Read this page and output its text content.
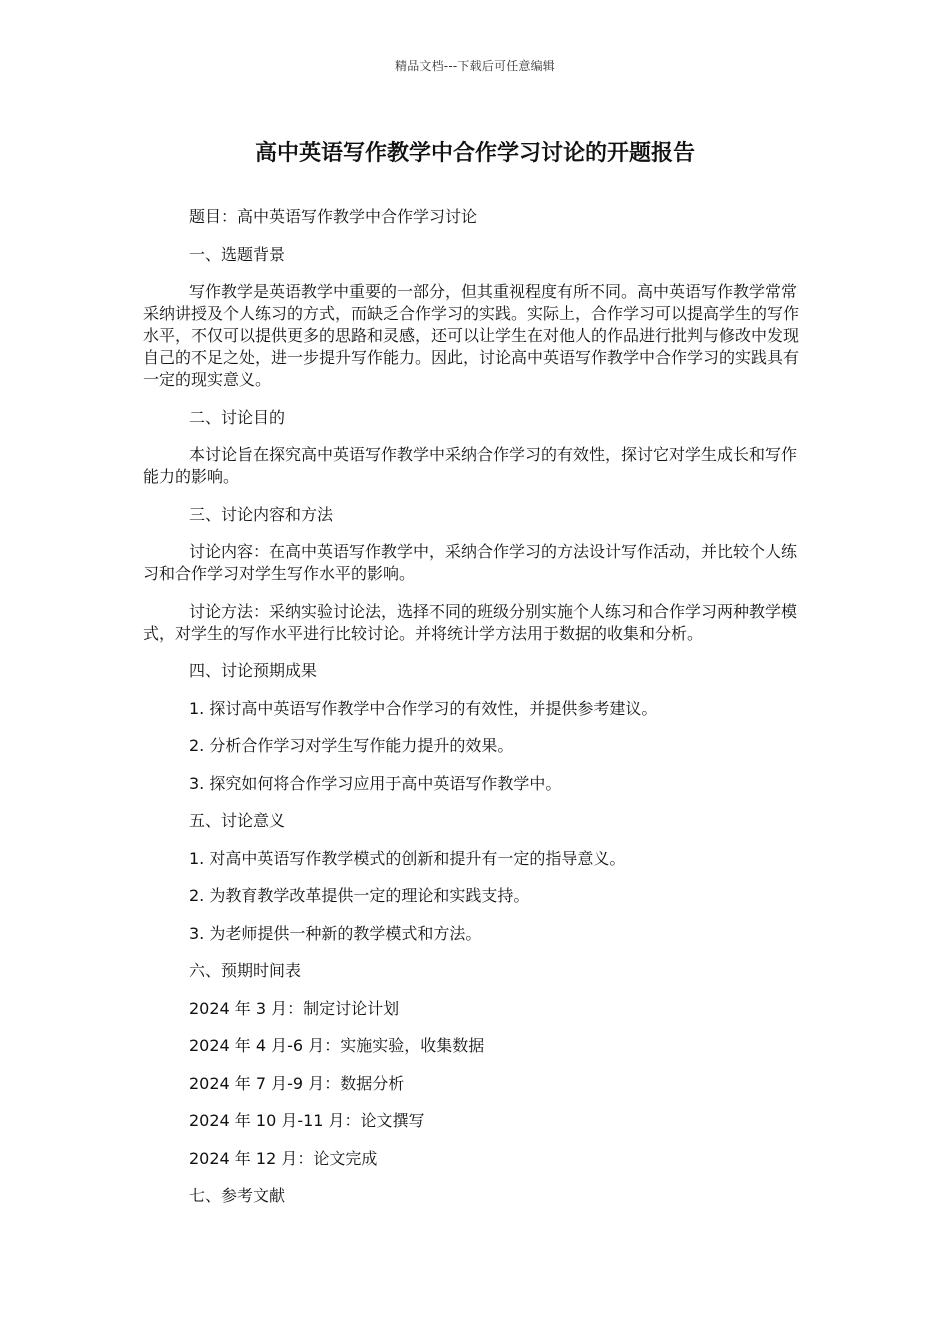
精品文档---下载后可任意编辑
高中英语写作教学中合作学习讨论的开题报告

题目：高中英语写作教学中合作学习讨论

一、选题背景

写作教学是英语教学中重要的一部分，但其重视程度有所不同。高中英语写作教学常常采纳讲授及个人练习的方式，而缺乏合作学习的实践。实际上，合作学习可以提高学生的写作水平，不仅可以提供更多的思路和灵感，还可以让学生在对他人的作品进行批判与修改中发现自己的不足之处，进一步提升写作能力。因此，讨论高中英语写作教学中合作学习的实践具有一定的现实意义。

二、讨论目的

本讨论旨在探究高中英语写作教学中采纳合作学习的有效性，探讨它对学生成长和写作能力的影响。

三、讨论内容和方法

讨论内容：在高中英语写作教学中，采纳合作学习的方法设计写作活动，并比较个人练习和合作学习对学生写作水平的影响。

讨论方法：采纳实验讨论法，选择不同的班级分别实施个人练习和合作学习两种教学模式，对学生的写作水平进行比较讨论。并将统计学方法用于数据的收集和分析。

四、讨论预期成果

1. 探讨高中英语写作教学中合作学习的有效性，并提供参考建议。

2. 分析合作学习对学生写作能力提升的效果。

3. 探究如何将合作学习应用于高中英语写作教学中。

五、讨论意义

1. 对高中英语写作教学模式的创新和提升有一定的指导意义。

2. 为教育教学改革提供一定的理论和实践支持。

3. 为老师提供一种新的教学模式和方法。

六、预期时间表

2024 年 3 月：制定讨论计划

2024 年 4 月-6 月：实施实验，收集数据

2024 年 7 月-9 月：数据分析

2024 年 10 月-11 月：论文撰写

2024 年 12 月：论文完成

七、参考文献
